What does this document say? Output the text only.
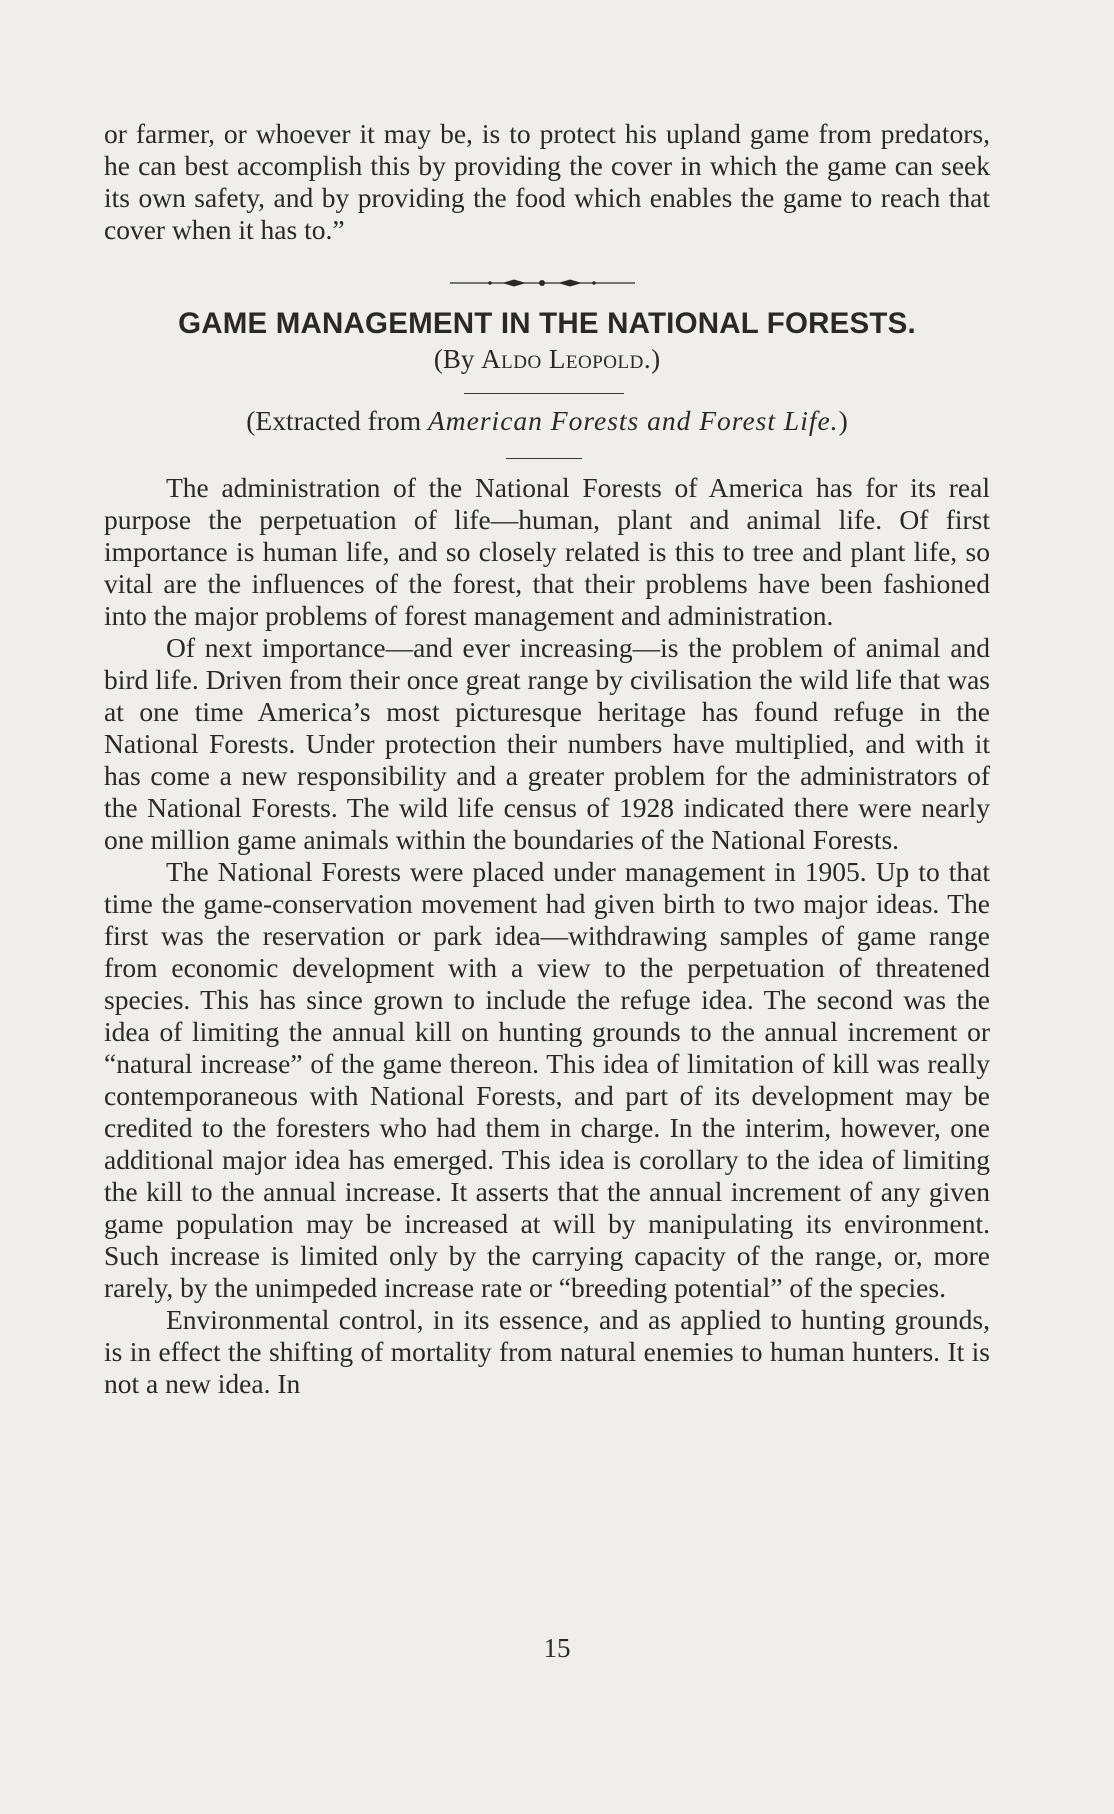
or farmer, or whoever it may be, is to protect his upland game from predators, he can best accomplish this by providing the cover in which the game can seek its own safety, and by providing the food which enables the game to reach that cover when it has to.”

GAME MANAGEMENT IN THE NATIONAL FORESTS.

(By Aldo Leopold.)

(Extracted from American Forests and Forest Life.)

The administration of the National Forests of America has for its real purpose the perpetuation of life—human, plant and animal life. Of first importance is human life, and so closely related is this to tree and plant life, so vital are the influences of the forest, that their problems have been fashioned into the major problems of forest management and administration.

Of next importance—and ever increasing—is the problem of animal and bird life. Driven from their once great range by civilisation the wild life that was at one time America’s most picturesque heritage has found refuge in the National Forests. Under protection their numbers have multiplied, and with it has come a new responsibility and a greater problem for the administrators of the National Forests. The wild life census of 1928 indicated there were nearly one million game animals within the boundaries of the National Forests.

The National Forests were placed under management in 1905. Up to that time the game-conservation movement had given birth to two major ideas. The first was the reservation or park idea—withdrawing samples of game range from economic development with a view to the perpetuation of threatened species. This has since grown to include the refuge idea. The second was the idea of limiting the annual kill on hunting grounds to the annual increment or “natural increase” of the game thereon. This idea of limitation of kill was really contemporaneous with National Forests, and part of its development may be credited to the foresters who had them in charge. In the interim, however, one additional major idea has emerged. This idea is corollary to the idea of limiting the kill to the annual increase. It asserts that the annual increment of any given game population may be increased at will by manipulating its environment. Such increase is limited only by the carrying capacity of the range, or, more rarely, by the unimpeded increase rate or “breeding potential” of the species.

Environmental control, in its essence, and as applied to hunting grounds, is in effect the shifting of mortality from natural enemies to human hunters. It is not a new idea. In

15
